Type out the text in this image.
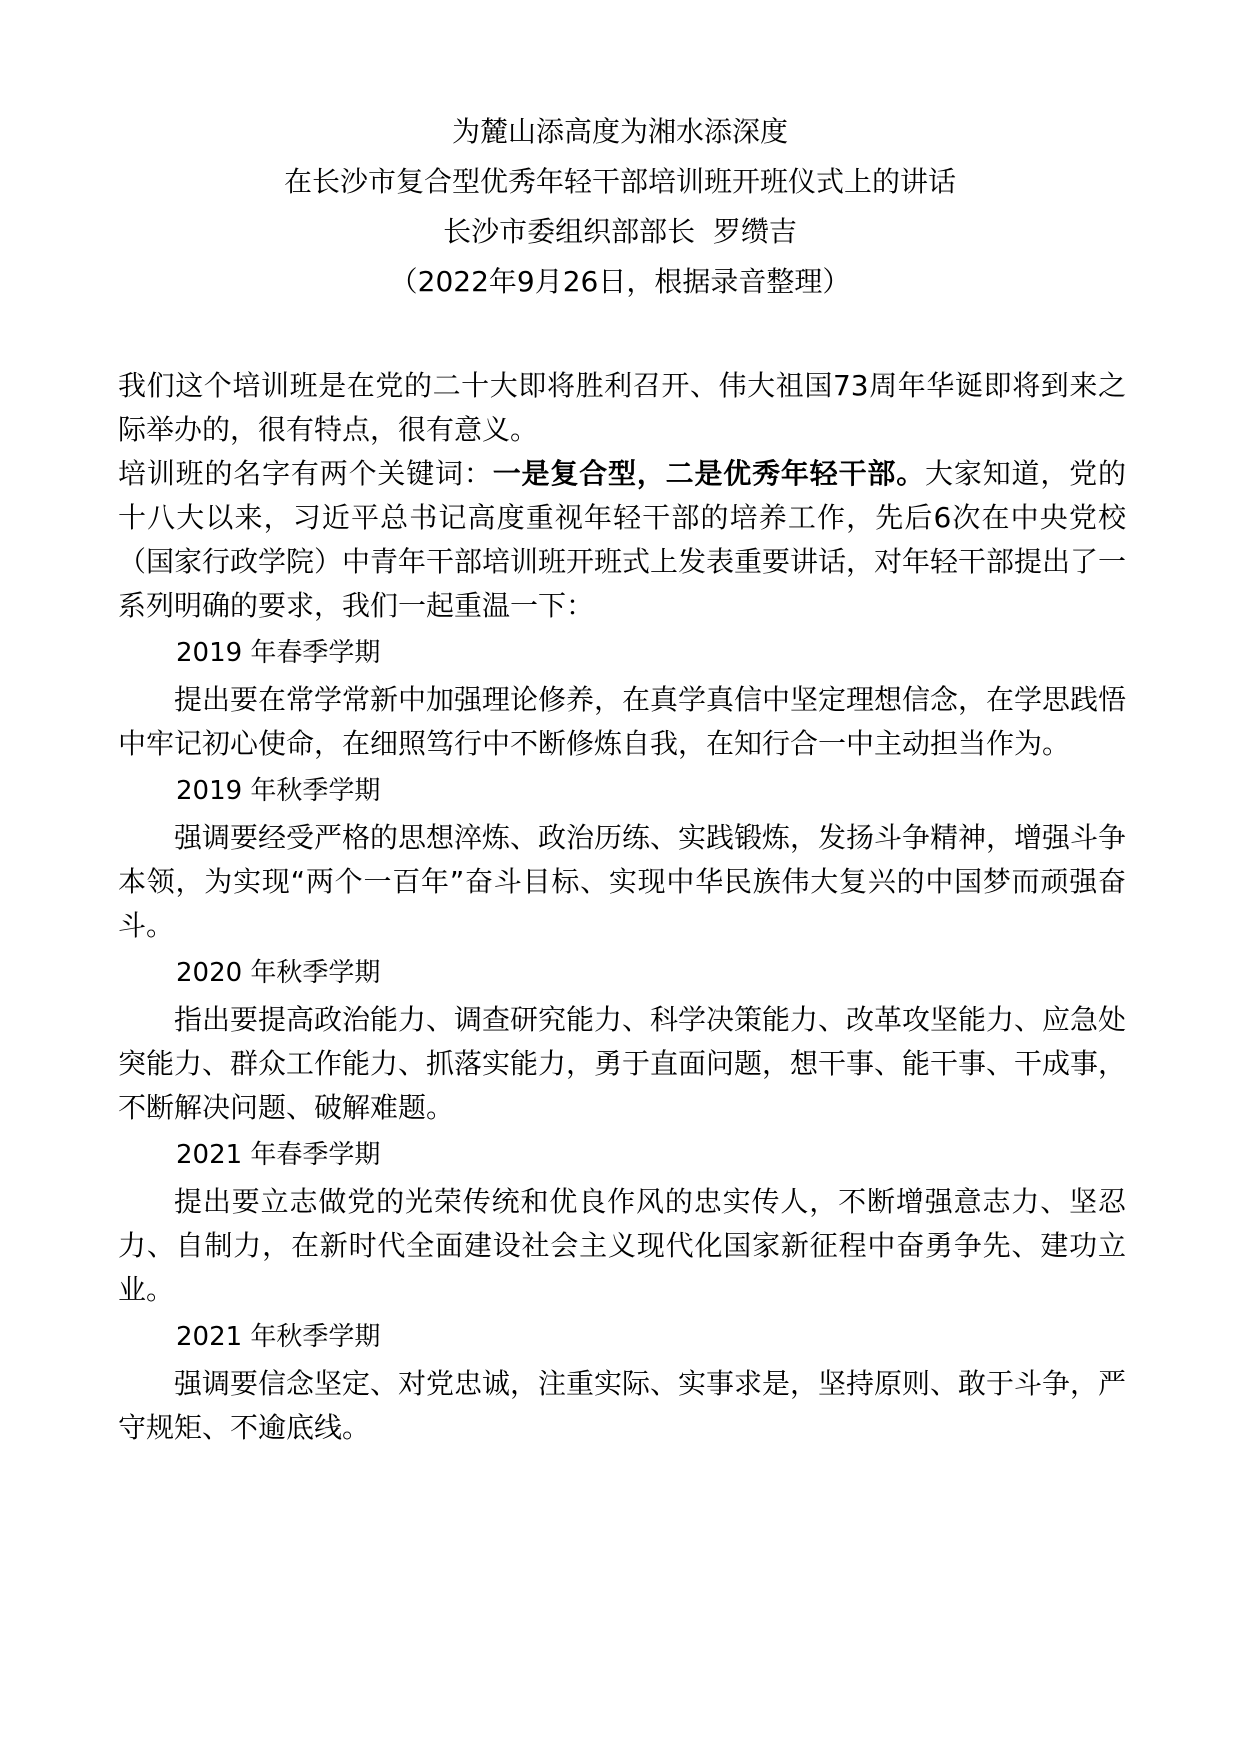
为麓山添高度为湘水添深度

在长沙市复合型优秀年轻干部培训班开班仪式上的讲话

长沙市委组织部部长  罗缵吉

（2022年9月26日，根据录音整理）

我们这个培训班是在党的二十大即将胜利召开、伟大祖国73周年华诞即将到来之际举办的，很有特点，很有意义。

培训班的名字有两个关键词：一是复合型，二是优秀年轻干部。大家知道，党的十八大以来，习近平总书记高度重视年轻干部的培养工作，先后6次在中央党校（国家行政学院）中青年干部培训班开班式上发表重要讲话，对年轻干部提出了一系列明确的要求，我们一起重温一下：

2019 年春季学期

提出要在常学常新中加强理论修养，在真学真信中坚定理想信念，在学思践悟中牢记初心使命，在细照笃行中不断修炼自我，在知行合一中主动担当作为。

2019 年秋季学期

强调要经受严格的思想淬炼、政治历练、实践锻炼，发扬斗争精神，增强斗争本领，为实现“两个一百年”奋斗目标、实现中华民族伟大复兴的中国梦而顽强奋斗。

2020 年秋季学期

指出要提高政治能力、调查研究能力、科学决策能力、改革攻坚能力、应急处突能力、群众工作能力、抓落实能力，勇于直面问题，想干事、能干事、干成事，不断解决问题、破解难题。

2021 年春季学期

提出要立志做党的光荣传统和优良作风的忠实传人，不断增强意志力、坚忍力、自制力，在新时代全面建设社会主义现代化国家新征程中奋勇争先、建功立业。

2021 年秋季学期

强调要信念坚定、对党忠诚，注重实际、实事求是，坚持原则、敢于斗争，严守规矩、不逾底线。
